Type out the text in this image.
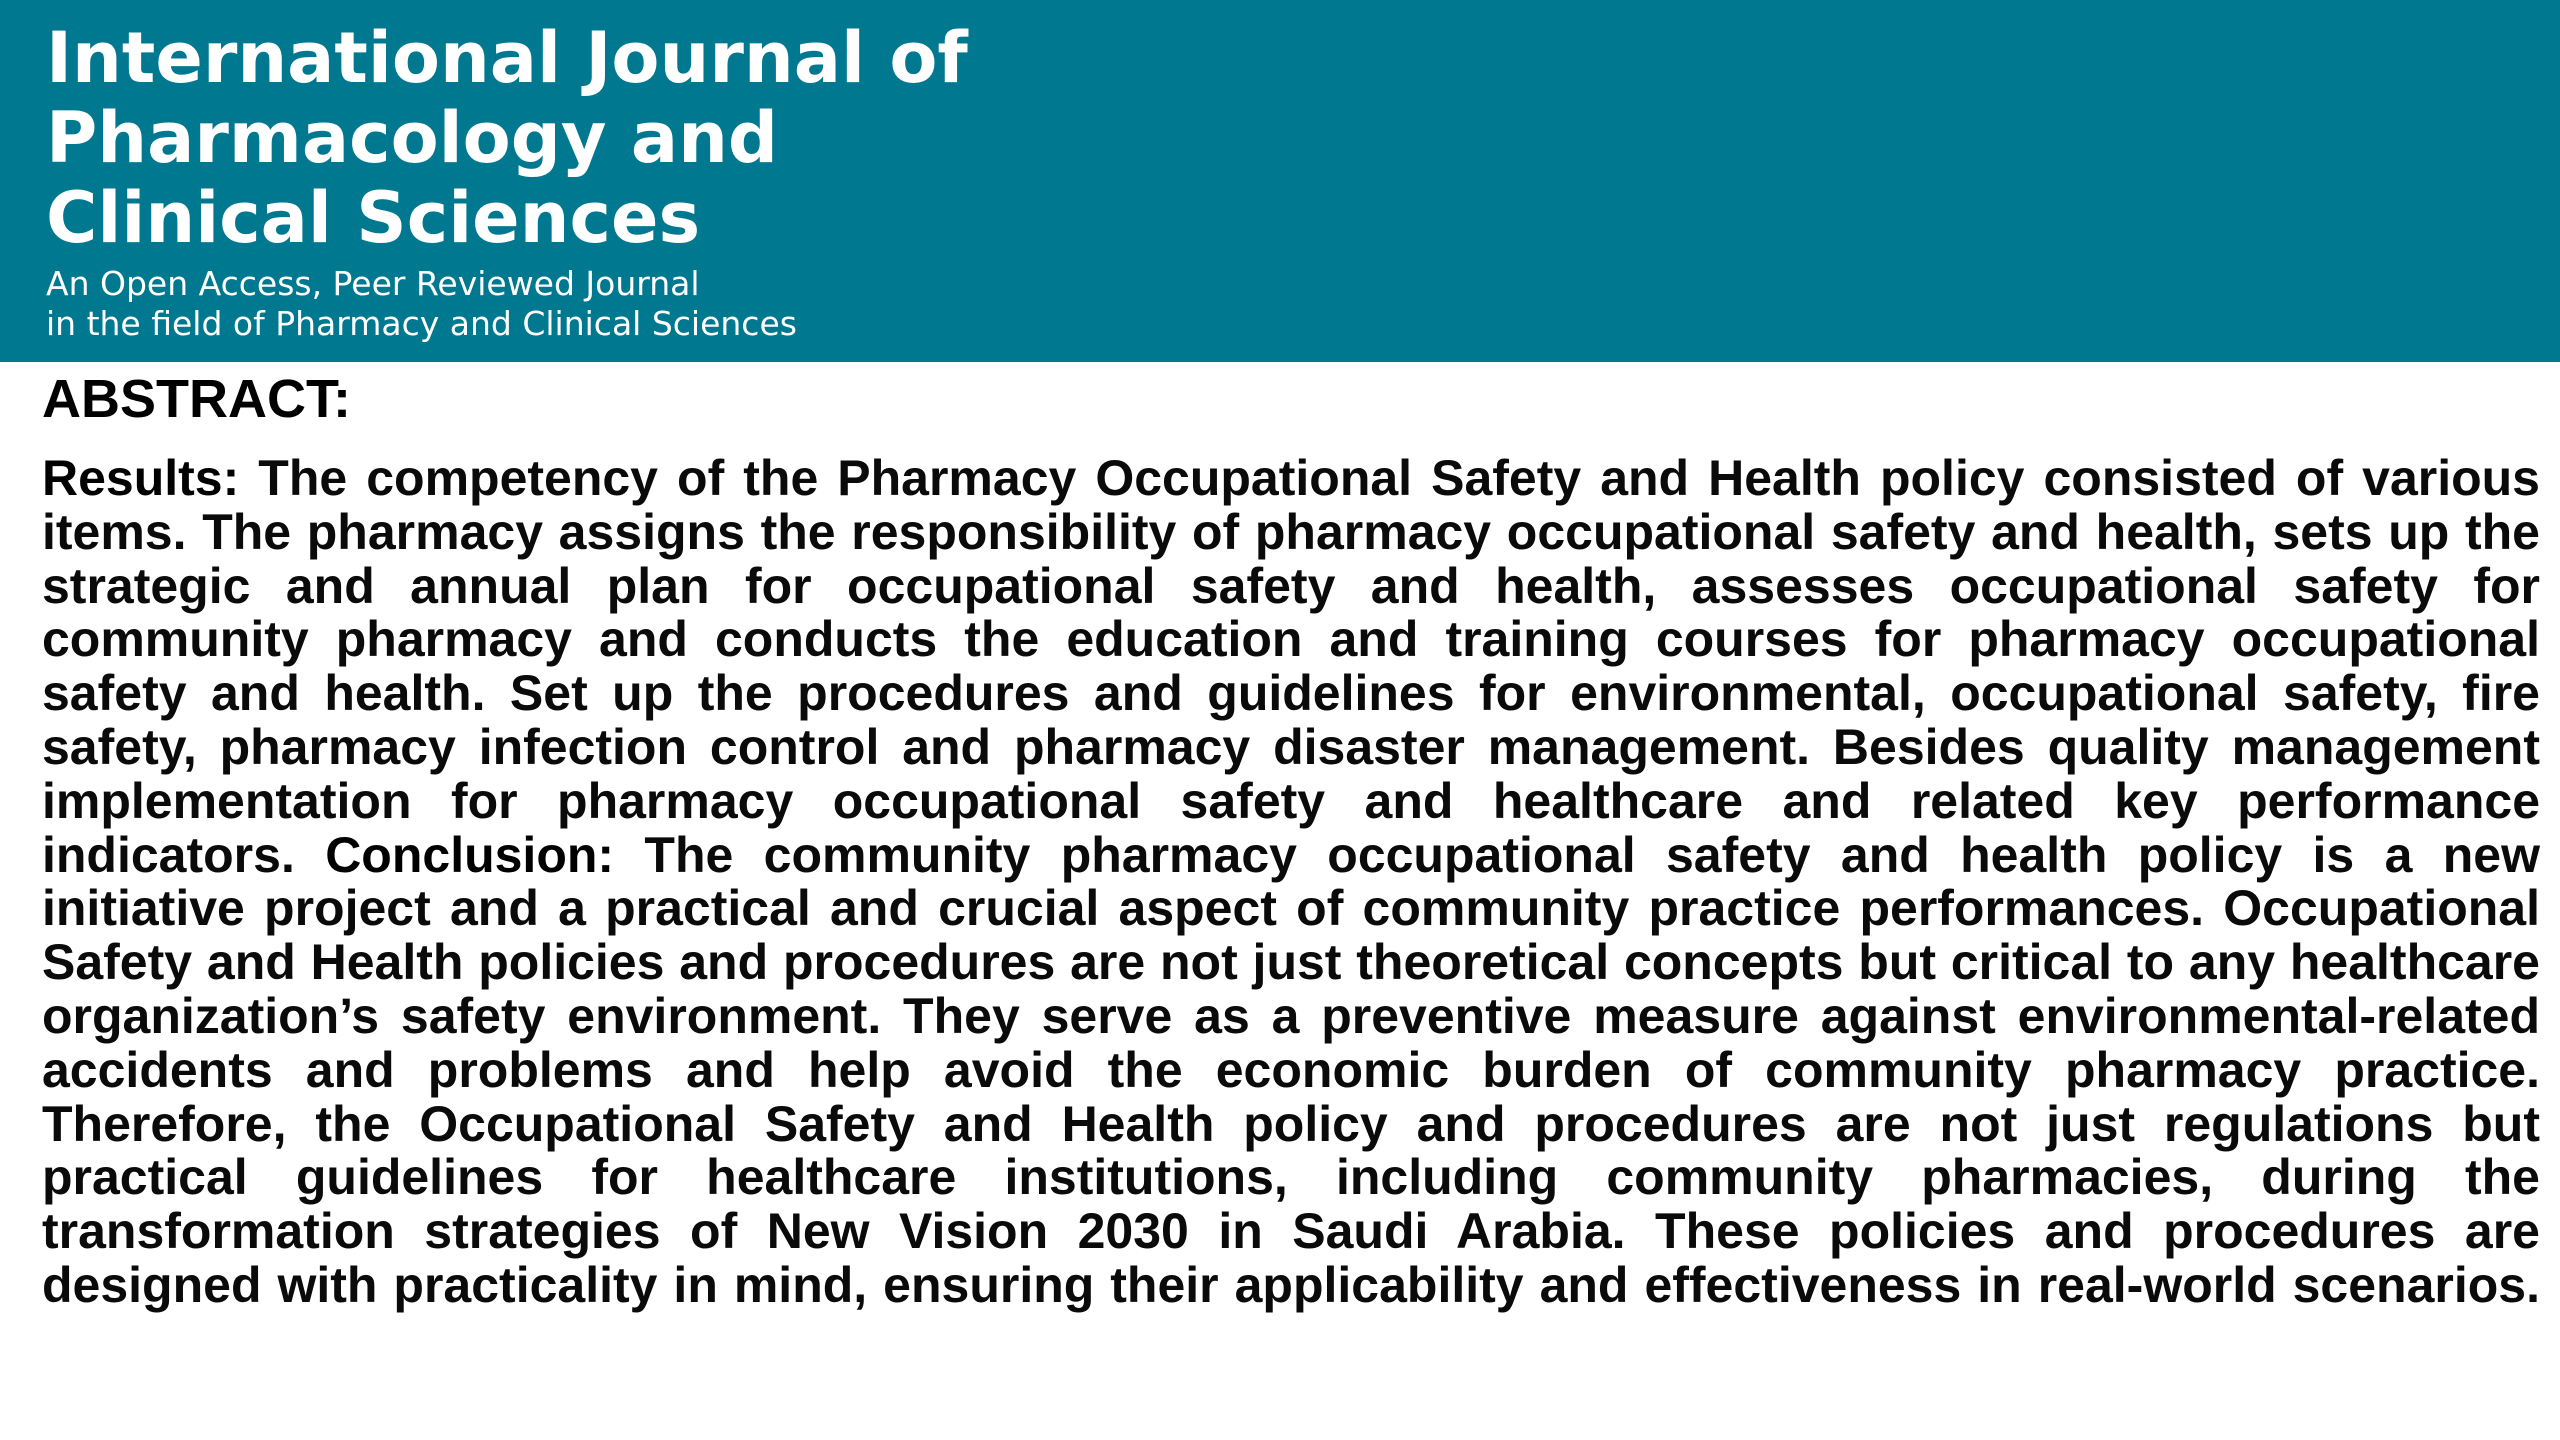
International Journal of
Pharmacology and
Clinical Sciences
An Open Access, Peer Reviewed Journal
in the field of Pharmacy and Clinical Sciences
ABSTRACT:

Results: The competency of the Pharmacy Occupational Safety and Health policy consisted of various items. The pharmacy assigns the responsibility of pharmacy occupational safety and health, sets up the strategic and annual plan for occupational safety and health, assesses occupational safety for community pharmacy and conducts the education and training courses for pharmacy occupational safety and health. Set up the procedures and guidelines for environmental, occupational safety, fire safety, pharmacy infection control and pharmacy disaster management. Besides quality management implementation for pharmacy occupational safety and healthcare and related key performance indicators. Conclusion: The community pharmacy occupational safety and health policy is a new initiative project and a practical and crucial aspect of community practice performances. Occupational Safety and Health policies and procedures are not just theoretical concepts but critical to any healthcare organization’s safety environment. They serve as a preventive measure against environmental-related accidents and problems and help avoid the economic burden of community pharmacy practice. Therefore, the Occupational Safety and Health policy and procedures are not just regulations but practical guidelines for healthcare institutions, including community pharmacies, during the transformation strategies of New Vision 2030 in Saudi Arabia. These policies and procedures are designed with practicality in mind, ensuring their applicability and effectiveness in real-world scenarios.
